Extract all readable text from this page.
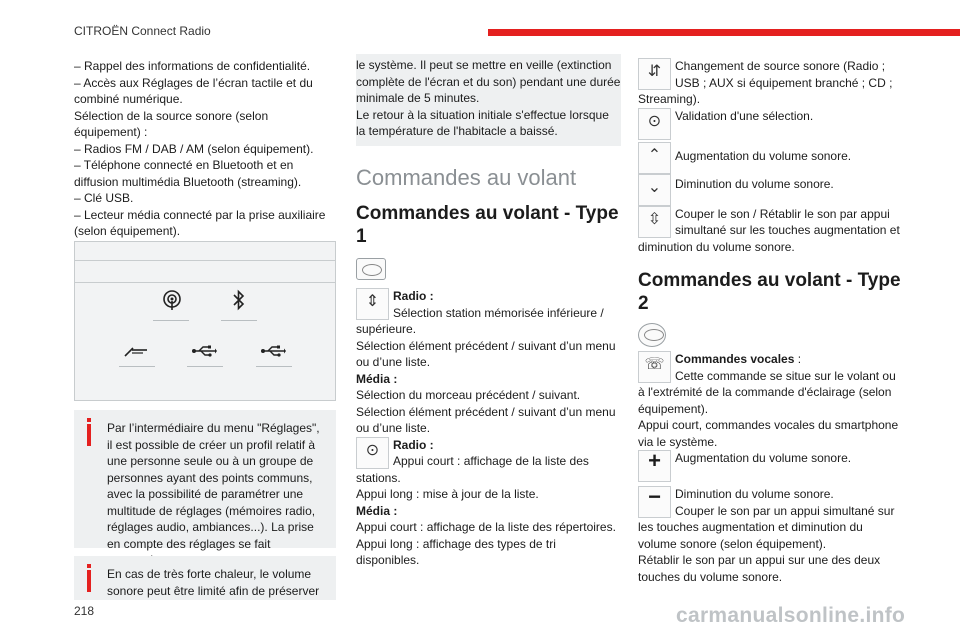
CITROËN Connect Radio

– Rappel des informations de confidentialité.

– Accès aux Réglages de l’écran tactile et du combiné numérique.

Sélection de la source sonore (selon équipement) :

– Radios FM / DAB / AM (selon équipement).

– Téléphone connecté en Bluetooth et en diffusion multimédia Bluetooth (streaming).

– Clé USB.

– Lecteur média connecté par la prise auxiliaire (selon équipement).

Par l’intermédiaire du menu "Réglages", il est possible de créer un profil relatif à une personne seule ou à un groupe de personnes ayant des points communs, avec la possibilité de paramétrer une multitude de réglages (mémoires radio, réglages audio, ambiances...). La prise en compte des réglages se fait
En cas de très forte chaleur, le volume sonore peut être limité afin de préserver

le système. Il peut se mettre en veille (extinction complète de l'écran et du son) pendant une durée minimale de 5 minutes.

Le retour à la situation initiale s'effectue lorsque la température de l'habitacle a baissé.

Commandes au volant
Commandes au volant - Type 1
⇕	Radio :

Sélection station mémorisée inférieure / supérieure.

Sélection élément précédent / suivant d’un menu ou d’une liste.

Média :

Sélection du morceau précédent / suivant.

Sélection élément précédent / suivant d’un menu ou d’une liste.

⊙	Radio :

Appui court : affichage de la liste des stations.

Appui long : mise à jour de la liste.

Média :

Appui court : affichage de la liste des répertoires.

Appui long : affichage des types de tri disponibles.

⇵	Changement de source sonore (Radio ; USB ; AUX si équipement branché ; CD ; Streaming).

⊙	Validation d'une sélection.

⌃	Augmentation du volume sonore.

⌄	Diminution du volume sonore.

⇳	Couper le son / Rétablir le son par appui simultané sur les touches augmentation et diminution du volume sonore.

Commandes au volant - Type 2
☏ Commandes vocales :

Cette commande se situe sur le volant ou à l'extrémité de la commande d'éclairage (selon équipement).

Appui court, commandes vocales du smartphone via le système.

+	Augmentation du volume sonore.

−	Diminution du volume sonore.

Couper le son par un appui simultané sur les touches augmentation et diminution du volume sonore (selon équipement).

Rétablir le son par un appui sur une des deux touches du volume sonore.

218	carmanualsonline.info
